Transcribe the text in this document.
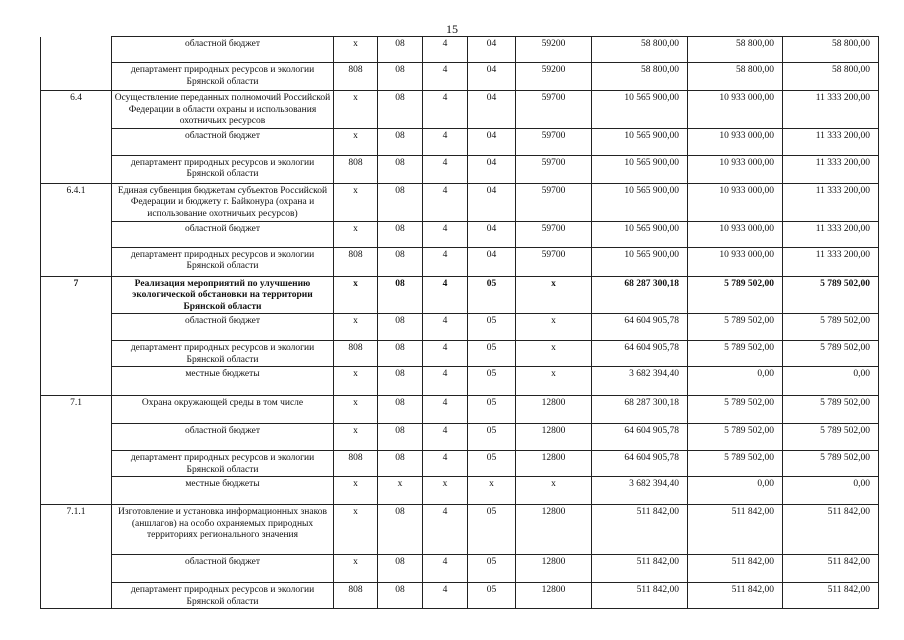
15
	областной бюджет	х	08	4	04	59200	58 800,00	58 800,00	58 800,00
	департамент природных ресурсов и экологии Брянской области	808	08	4	04	59200	58 800,00	58 800,00	58 800,00
6.4	Осуществление переданных полномочий Российской Федерации в области охраны и использования охотничьих ресурсов	х	08	4	04	59700	10 565 900,00	10 933 000,00	11 333 200,00
	областной бюджет	х	08	4	04	59700	10 565 900,00	10 933 000,00	11 333 200,00
	департамент природных ресурсов и экологии Брянской области	808	08	4	04	59700	10 565 900,00	10 933 000,00	11 333 200,00
6.4.1	Единая субвенция бюджетам субъектов Российской Федерации и бюджету г. Байконура (охрана и использование охотничьих ресурсов)	х	08	4	04	59700	10 565 900,00	10 933 000,00	11 333 200,00
	областной бюджет	х	08	4	04	59700	10 565 900,00	10 933 000,00	11 333 200,00
	департамент природных ресурсов и экологии Брянской области	808	08	4	04	59700	10 565 900,00	10 933 000,00	11 333 200,00
7	Реализация мероприятий по улучшению экологической обстановки на территории Брянской области	х	08	4	05	х	68 287 300,18	5 789 502,00	5 789 502,00
	областной бюджет	х	08	4	05	х	64 604 905,78	5 789 502,00	5 789 502,00
	департамент природных ресурсов и экологии Брянской области	808	08	4	05	х	64 604 905,78	5 789 502,00	5 789 502,00
	местные бюджеты	х	08	4	05	х	3 682 394,40	0,00	0,00
7.1	Охрана окружающей среды в том числе	х	08	4	05	12800	68 287 300,18	5 789 502,00	5 789 502,00
	областной бюджет	х	08	4	05	12800	64 604 905,78	5 789 502,00	5 789 502,00
	департамент природных ресурсов и экологии Брянской области	808	08	4	05	12800	64 604 905,78	5 789 502,00	5 789 502,00
	местные бюджеты	х	х	х	х	х	3 682 394,40	0,00	0,00
7.1.1	Изготовление и установка информационных знаков (аншлагов) на особо охраняемых природных территориях регионального значения	х	08	4	05	12800	511 842,00	511 842,00	511 842,00
	областной бюджет	х	08	4	05	12800	511 842,00	511 842,00	511 842,00
	департамент природных ресурсов и экологии Брянской области	808	08	4	05	12800	511 842,00	511 842,00	511 842,00
